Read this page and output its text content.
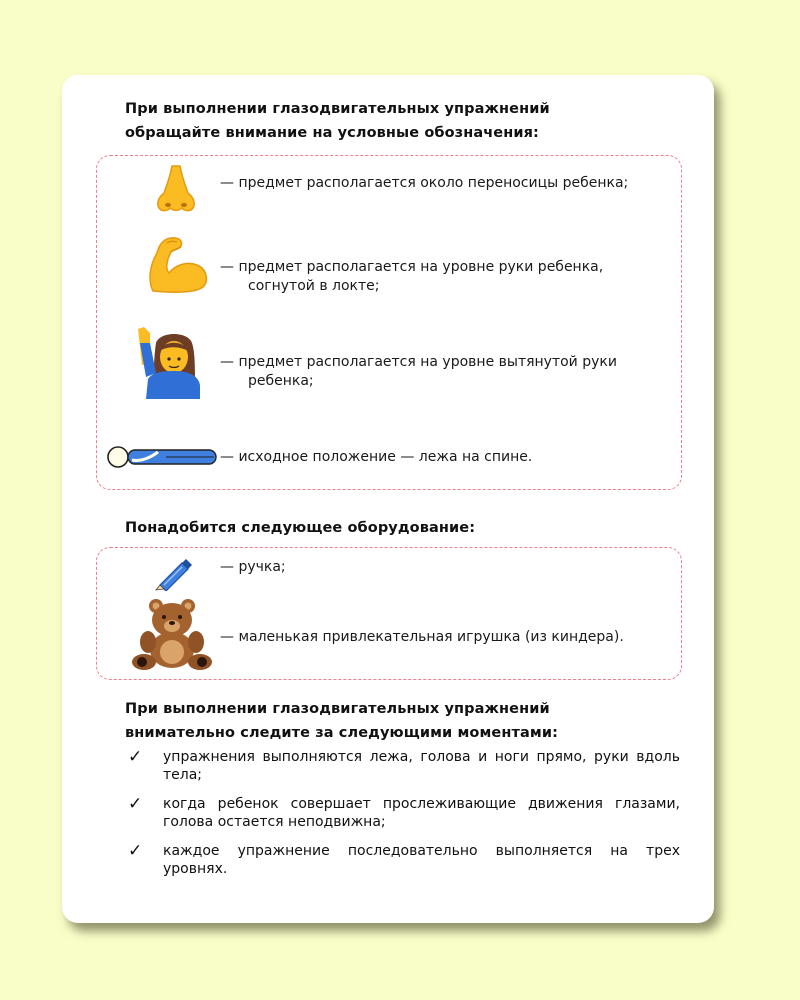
При выполнении глазодвигательных упражнений
обращайте внимание на условные обозначения:
— предмет располагается около переносицы ребенка;
— предмет располагается на уровне руки ребенка,
согнутой в локте;
— предмет располагается на уровне вытянутой руки
ребенка;
— исходное положение — лежа на спине.
Понадобится следующее оборудование:
— ручка;
— маленькая привлекательная игрушка (из киндера).
При выполнении глазодвигательных упражнений
внимательно следите за следующими моментами:
✓ упражнения выполняются лежа, голова и ноги прямо, руки вдоль тела;
✓ когда ребенок совершает прослеживающие движения глазами, голова остается неподвижна;
✓ каждое упражнение последовательно выполняется на трех уровнях.
